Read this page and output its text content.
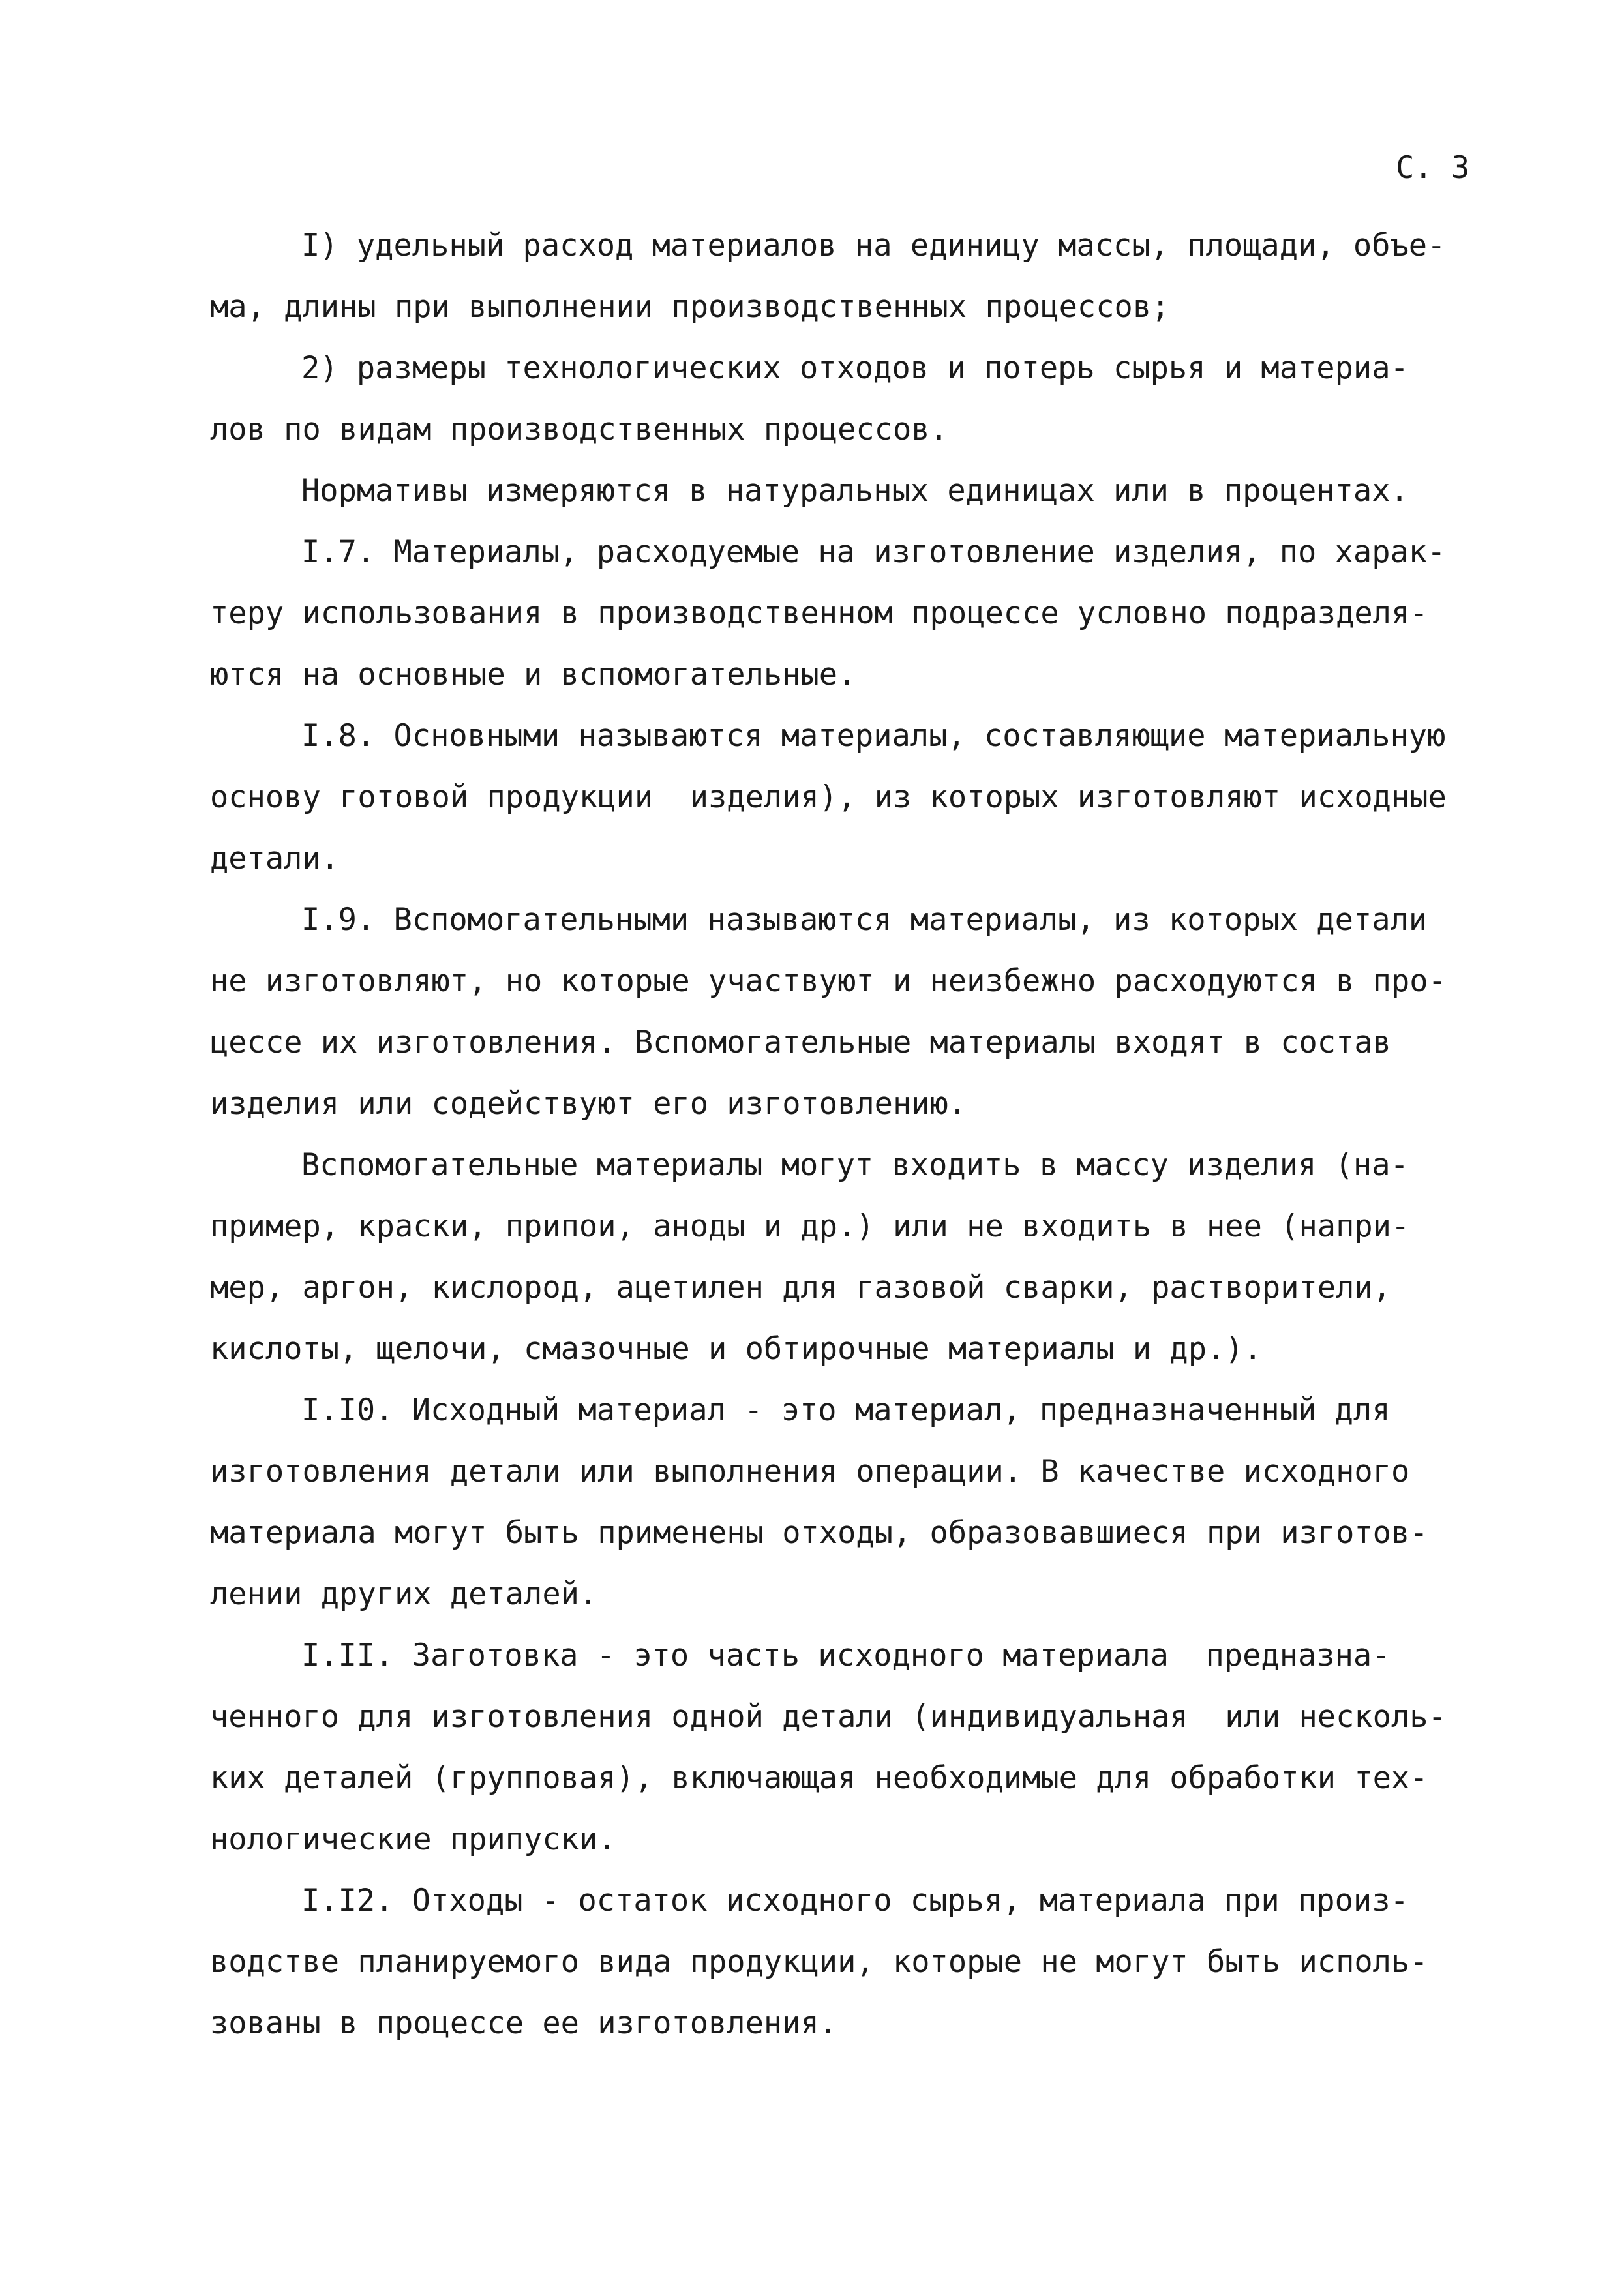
С. 3
I) удельный расход материалов на единицу массы, площади, объе-
ма, длины при выполнении производственных процессов;
2) размеры технологических отходов и потерь сырья и материа-
лов по видам производственных процессов.
Нормативы измеряются в натуральных единицах или в процентах.
I.7. Материалы, расходуемые на изготовление изделия, по харак-
теру использования в производственном процессе условно подразделя-
ются на основные и вспомогательные.
I.8. Основными называются материалы, составляющие материальную
основу готовой продукции  изделия), из которых изготовляют исходные
детали.
I.9. Вспомогательными называются материалы, из которых детали
не изготовляют, но которые участвуют и неизбежно расходуются в про-
цессе их изготовления. Вспомогательные материалы входят в состав
изделия или содействуют его изготовлению.
Вспомогательные материалы могут входить в массу изделия (на-
пример, краски, припои, аноды и др.) или не входить в нее (напри-
мер, аргон, кислород, ацетилен для газовой сварки, растворители,
кислоты, щелочи, смазочные и обтирочные материалы и др.).
I.I0. Исходный материал - это материал, предназначенный для
изготовления детали или выполнения операции. В качестве исходного
материала могут быть применены отходы, образовавшиеся при изготов-
лении других деталей.
I.II. Заготовка - это часть исходного материала  предназна-
ченного для изготовления одной детали (индивидуальная  или несколь-
ких деталей (групповая), включающая необходимые для обработки тех-
нологические припуски.
I.I2. Отходы - остаток исходного сырья, материала при произ-
водстве планируемого вида продукции, которые не могут быть исполь-
зованы в процессе ее изготовления.
